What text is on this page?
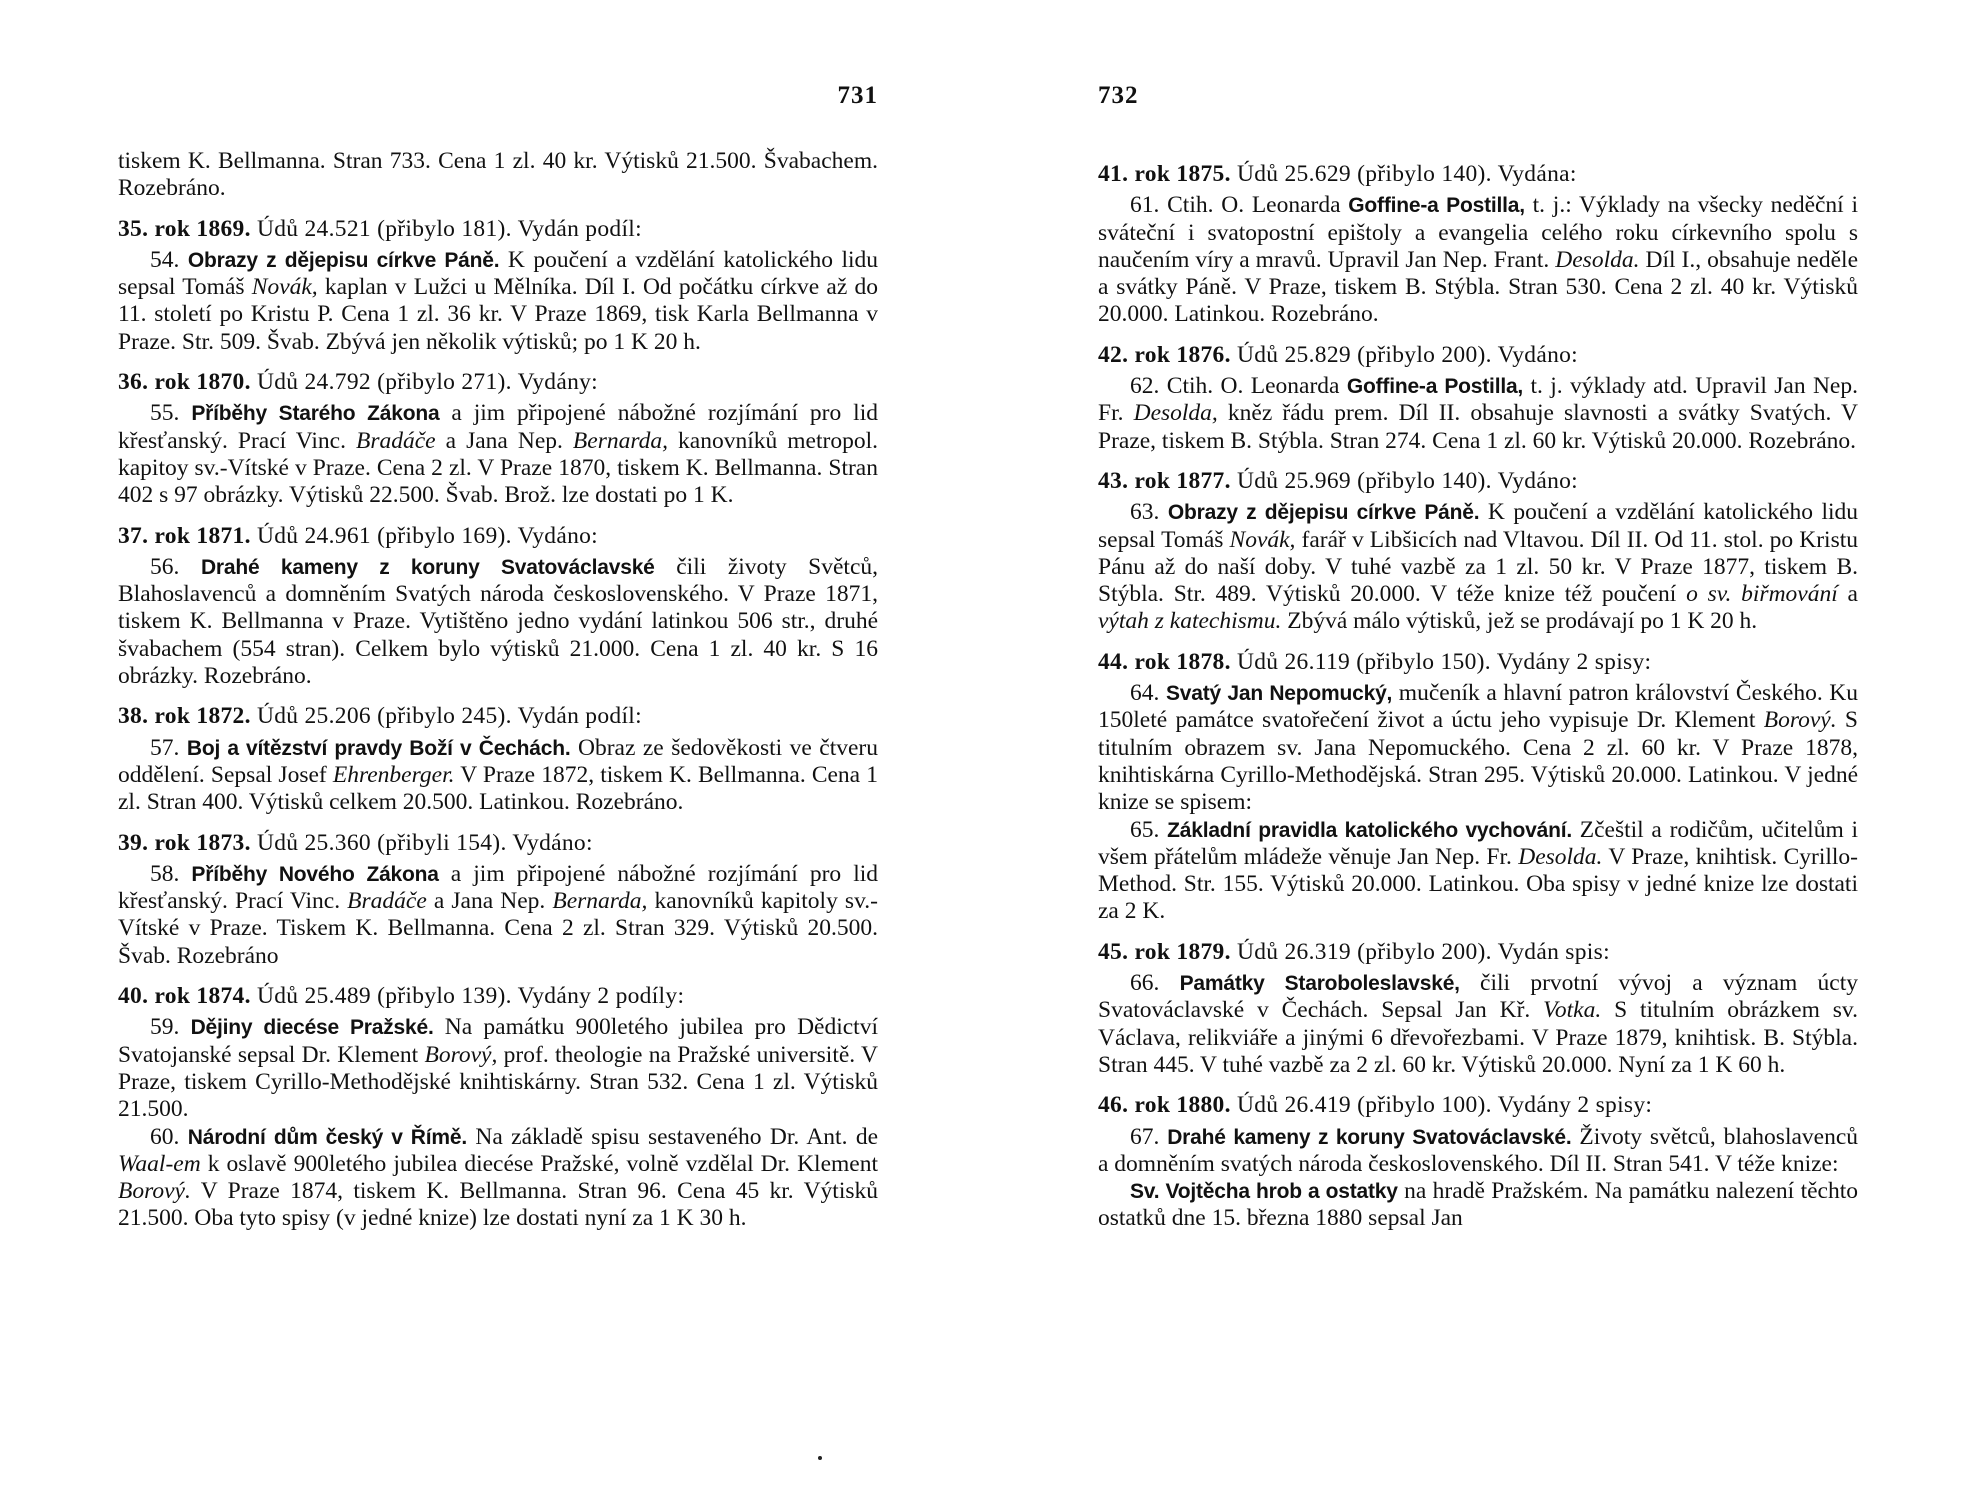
731

tiskem K. Bellmanna. Stran 733. Cena 1 zl. 40 kr. Výtisků 21.500. Švabachem. Rozebráno.

35. rok 1869. Údů 24.521 (přibylo 181). Vydán podíl:

54. Obrazy z dějepisu církve Páně. K poučení a vzdělání katolického lidu sepsal Tomáš Novák, kaplan v Lužci u Mělníka. Díl I. Od počátku církve až do 11. století po Kristu P. Cena 1 zl. 36 kr. V Praze 1869, tisk Karla Bellmanna v Praze. Str. 509. Švab. Zbývá jen několik výtisků; po 1 K 20 h.

36. rok 1870. Údů 24.792 (přibylo 271). Vydány:

55. Příběhy Starého Zákona a jim připojené nábožné rozjímání pro lid křesťanský. Prací Vinc. Bradáče a Jana Nep. Bernarda, kanovníků metropol. kapitoy sv.-Vítské v Praze. Cena 2 zl. V Praze 1870, tiskem K. Bellmanna. Stran 402 s 97 obrázky. Výtisků 22.500. Švab. Brož. lze dostati po 1 K.

37. rok 1871. Údů 24.961 (přibylo 169). Vydáno:

56. Drahé kameny z koruny Svatováclavské čili životy Světců, Blahoslavenců a domněním Svatých národa československého. V Praze 1871, tiskem K. Bellmanna v Praze. Vytištěno jedno vydání latinkou 506 str., druhé švabachem (554 stran). Celkem bylo výtisků 21.000. Cena 1 zl. 40 kr. S 16 obrázky. Rozebráno.

38. rok 1872. Údů 25.206 (přibylo 245). Vydán podíl:

57. Boj a vítězství pravdy Boží v Čechách. Obraz ze šedověkosti ve čtveru oddělení. Sepsal Josef Ehrenberger. V Praze 1872, tiskem K. Bellmanna. Cena 1 zl. Stran 400. Výtisků celkem 20.500. Latinkou. Rozebráno.

39. rok 1873. Údů 25.360 (přibyli 154). Vydáno:

58. Příběhy Nového Zákona a jim připojené nábožné rozjímání pro lid křesťanský. Prací Vinc. Bradáče a Jana Nep. Bernarda, kanovníků kapitoly sv.-Vítské v Praze. Tiskem K. Bellmanna. Cena 2 zl. Stran 329. Výtisků 20.500. Švab. Rozebráno

40. rok 1874. Údů 25.489 (přibylo 139). Vydány 2 podíly:

59. Dějiny diecése Pražské. Na památku 900letého jubilea pro Dědictví Svatojanské sepsal Dr. Klement Borový, prof. theologie na Pražské universitě. V Praze, tiskem Cyrillo-Methodějské knihtiskárny. Stran 532. Cena 1 zl. Výtisků 21.500.

60. Národní dům český v Římě. Na základě spisu sestaveného Dr. Ant. de Waal-em k oslavě 900letého jubilea diecése Pražské, volně vzdělal Dr. Klement Borový. V Praze 1874, tiskem K. Bellmanna. Stran 96. Cena 45 kr. Výtisků 21.500. Oba tyto spisy (v jedné knize) lze dostati nyní za 1 K 30 h.

732

41. rok 1875. Údů 25.629 (přibylo 140). Vydána:

61. Ctih. O. Leonarda Goffine-a Postilla, t. j.: Výklady na všecky neděční i sváteční i svatopostní epištoly a evangelia celého roku církevního spolu s naučením víry a mravů. Upravil Jan Nep. Frant. Desolda. Díl I., obsahuje neděle a svátky Páně. V Praze, tiskem B. Stýbla. Stran 530. Cena 2 zl. 40 kr. Výtisků 20.000. Latinkou. Rozebráno.

42. rok 1876. Údů 25.829 (přibylo 200). Vydáno:

62. Ctih. O. Leonarda Goffine-a Postilla, t. j. výklady atd. Upravil Jan Nep. Fr. Desolda, kněz řádu prem. Díl II. obsahuje slavnosti a svátky Svatých. V Praze, tiskem B. Stýbla. Stran 274. Cena 1 zl. 60 kr. Výtisků 20.000. Rozebráno.

43. rok 1877. Údů 25.969 (přibylo 140). Vydáno:

63. Obrazy z dějepisu církve Páně. K poučení a vzdělání katolického lidu sepsal Tomáš Novák, farář v Libšicích nad Vltavou. Díl II. Od 11. stol. po Kristu Pánu až do naší doby. V tuhé vazbě za 1 zl. 50 kr. V Praze 1877, tiskem B. Stýbla. Str. 489. Výtisků 20.000. V téže knize též poučení o sv. biřmování a výtah z katechismu. Zbývá málo výtisků, jež se prodávají po 1 K 20 h.

44. rok 1878. Údů 26.119 (přibylo 150). Vydány 2 spisy:

64. Svatý Jan Nepomucký, mučeník a hlavní patron království Českého. Ku 150leté památce svatořečení život a úctu jeho vypisuje Dr. Klement Borový. S titulním obrazem sv. Jana Nepomuckého. Cena 2 zl. 60 kr. V Praze 1878, knihtiskárna Cyrillo-Methodějská. Stran 295. Výtisků 20.000. Latinkou. V jedné knize se spisem:

65. Základní pravidla katolického vychování. Zčeštil a rodičům, učitelům i všem přátelům mládeže věnuje Jan Nep. Fr. Desolda. V Praze, knihtisk. Cyrillo-Method. Str. 155. Výtisků 20.000. Latinkou. Oba spisy v jedné knize lze dostati za 2 K.

45. rok 1879. Údů 26.319 (přibylo 200). Vydán spis:

66. Památky Staroboleslavské, čili prvotní vývoj a význam úcty Svatováclavské v Čechách. Sepsal Jan Kř. Votka. S titulním obrázkem sv. Václava, relikviáře a jinými 6 dřevořezbami. V Praze 1879, knihtisk. B. Stýbla. Stran 445. V tuhé vazbě za 2 zl. 60 kr. Výtisků 20.000. Nyní za 1 K 60 h.

46. rok 1880. Údů 26.419 (přibylo 100). Vydány 2 spisy:

67. Drahé kameny z koruny Svatováclavské. Životy světců, blahoslavenců a domněním svatých národa československého. Díl II. Stran 541. V téže knize:

Sv. Vojtěcha hrob a ostatky na hradě Pražském. Na památku nalezení těchto ostatků dne 15. března 1880 sepsal Jan
